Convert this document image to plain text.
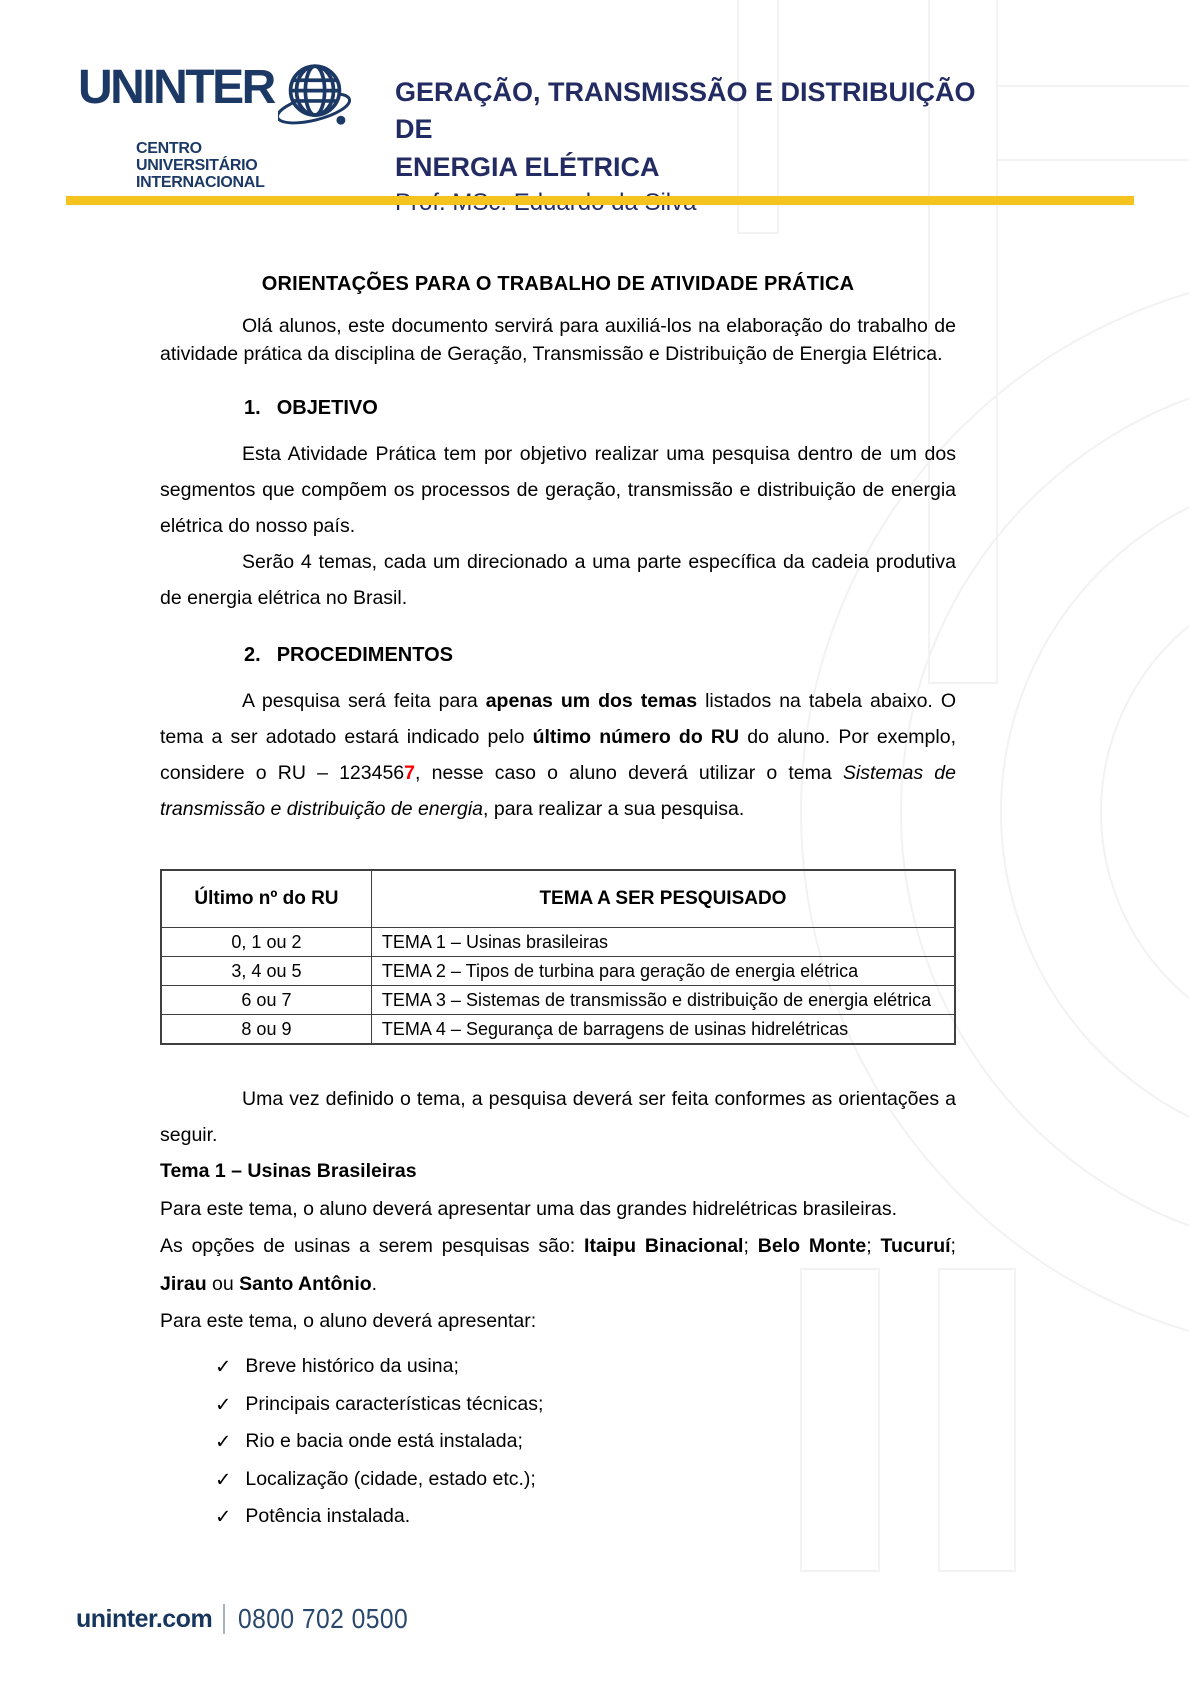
UNINTER
CENTRO
UNIVERSITÁRIO
INTERNACIONAL
GERAÇÃO, TRANSMISSÃO E DISTRIBUIÇÃO DE
ENERGIA ELÉTRICA
ORIENTAÇÕES PARA O TRABALHO DE ATIVIDADE PRÁTICA

Olá alunos, este documento servirá para auxiliá-los na elaboração do trabalho de atividade prática da disciplina de Geração, Transmissão e Distribuição de Energia Elétrica.

1. OBJETIVO

Esta Atividade Prática tem por objetivo realizar uma pesquisa dentro de um dos segmentos que compõem os processos de geração, transmissão e distribuição de energia elétrica do nosso país.

Serão 4 temas, cada um direcionado a uma parte específica da cadeia produtiva de energia elétrica no Brasil.

2. PROCEDIMENTOS

A pesquisa será feita para apenas um dos temas listados na tabela abaixo. O tema a ser adotado estará indicado pelo último número do RU do aluno. Por exemplo, considere o RU – 1234567, nesse caso o aluno deverá utilizar o tema Sistemas de transmissão e distribuição de energia, para realizar a sua pesquisa.

Último nº do RU	TEMA A SER PESQUISADO
0, 1 ou 2	TEMA 1 – Usinas brasileiras
3, 4 ou 5	TEMA 2 – Tipos de turbina para geração de energia elétrica
6 ou 7	TEMA 3 – Sistemas de transmissão e distribuição de energia elétrica
8 ou 9	TEMA 4 – Segurança de barragens de usinas hidrelétricas

Uma vez definido o tema, a pesquisa deverá ser feita conformes as orientações a seguir.

Tema 1 – Usinas Brasileiras

Para este tema, o aluno deverá apresentar uma das grandes hidrelétricas brasileiras.

As opções de usinas a serem pesquisas são: Itaipu Binacional; Belo Monte; Tucuruí; Jirau ou Santo Antônio.

Para este tema, o aluno deverá apresentar:

✓ Breve histórico da usina;
✓ Principais características técnicas;
✓ Rio e bacia onde está instalada;
✓ Localização (cidade, estado etc.);
✓ Potência instalada.
uninter.com 0800 702 0500
